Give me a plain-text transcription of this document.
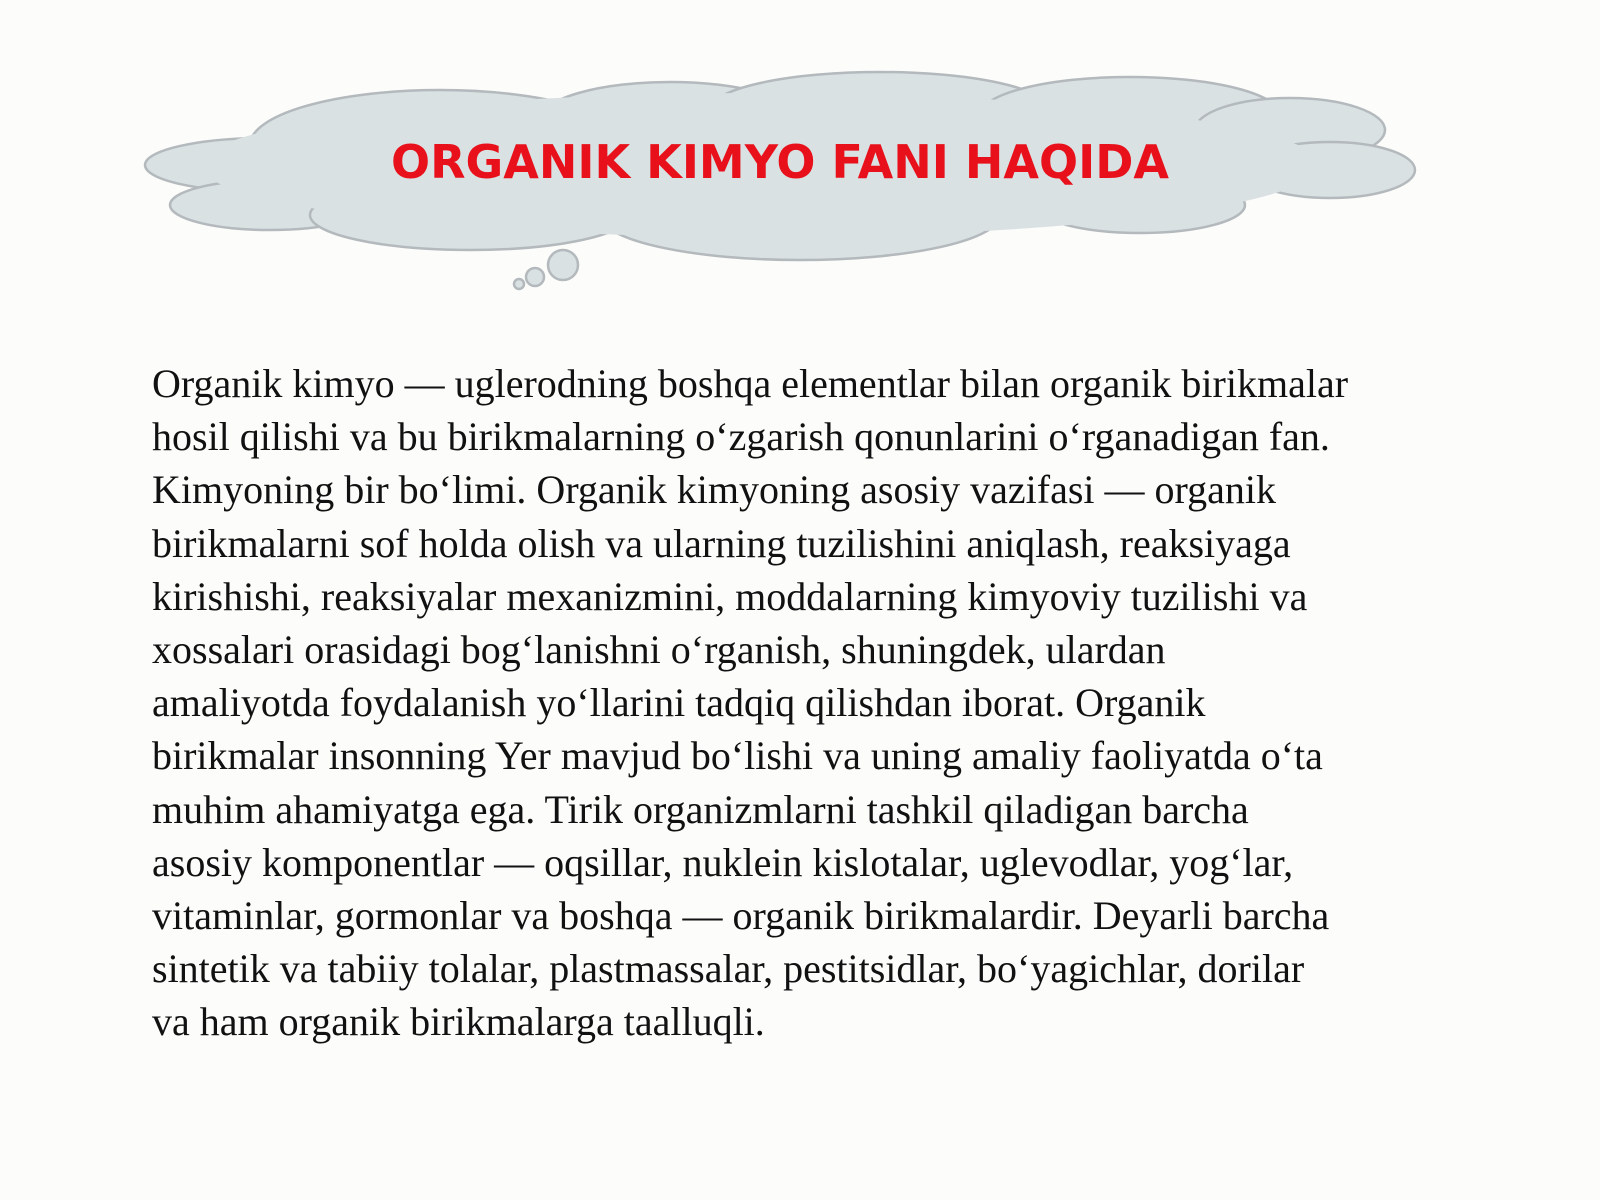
ORGANIK KIMYO FANI HAQIDA
Organik kimyo — uglerodning boshqa elementlar bilan organik birikmalar
hosil qilishi va bu birikmalarning oʻzgarish qonunlarini oʻrganadigan fan.
Kimyoning bir boʻlimi. Organik kimyoning asosiy vazifasi — organik
birikmalarni sof holda olish va ularning tuzilishini aniqlash, reaksiyaga
kirishishi, reaksiyalar mexanizmini, moddalarning kimyoviy tuzilishi va
xossalari orasidagi bogʻlanishni oʻrganish, shuningdek, ulardan
amaliyotda foydalanish yoʻllarini tadqiq qilishdan iborat. Organik
birikmalar insonning Yer mavjud boʻlishi va uning amaliy faoliyatda oʻta
muhim ahamiyatga ega. Tirik organizmlarni tashkil qiladigan barcha
asosiy komponentlar — oqsillar, nuklein kislotalar, uglevodlar, yogʻlar,
vitaminlar, gormonlar va boshqa — organik birikmalardir. Deyarli barcha
sintetik va tabiiy tolalar, plastmassalar, pestitsidlar, boʻyagichlar, dorilar
va ham organik birikmalarga taalluqli.
